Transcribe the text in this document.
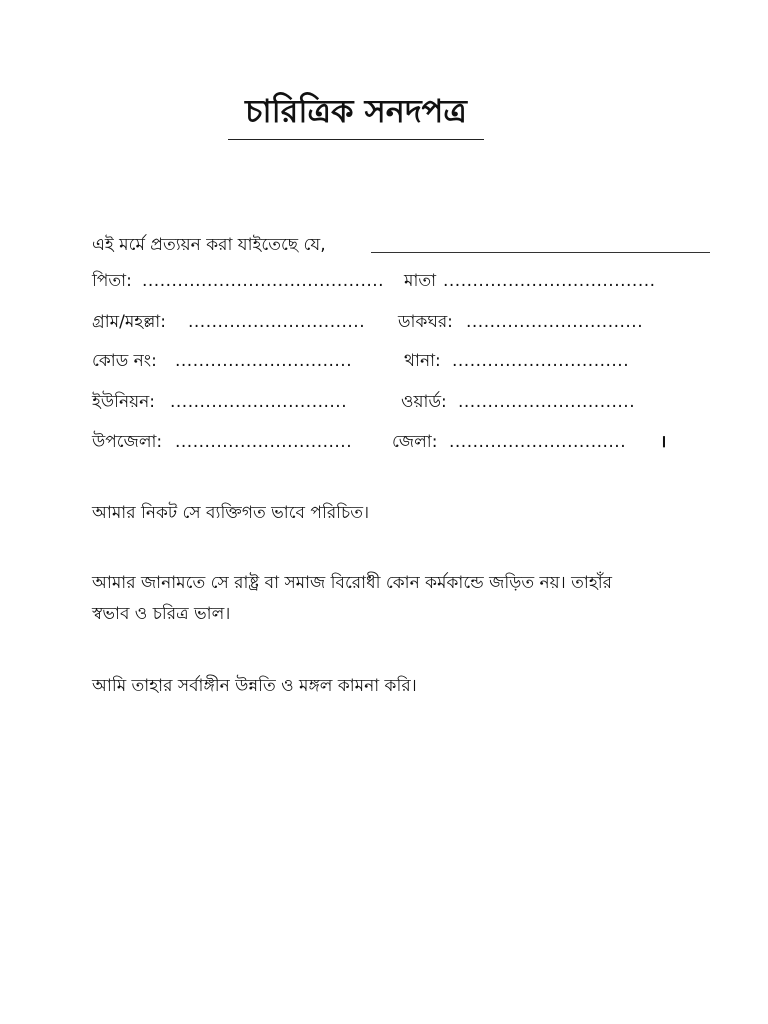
চারিত্রিক সনদপত্র
এই মর্মে প্রত্যয়ন করা যাইতেছে যে,
পিতা: ......................................... মাতা ....................................
গ্রাম/মহল্লা: .............................. ডাকঘর: ..............................
কোড নং: ..............................	থানা: ..............................
ইউনিয়ন: ..............................	ওয়ার্ড: ..............................
উপজেলা: .............................. জেলা: .............................. ।
আমার নিকট সে ব্যক্তিগত ভাবে পরিচিত।
আমার জানামতে সে রাষ্ট্র বা সমাজ বিরোধী কোন কর্মকান্ডে জড়িত নয়। তাহাঁর
স্বভাব ও চরিত্র ভাল।
আমি তাহার সর্বাঙ্গীন উন্নতি ও মঙ্গল কামনা করি।
